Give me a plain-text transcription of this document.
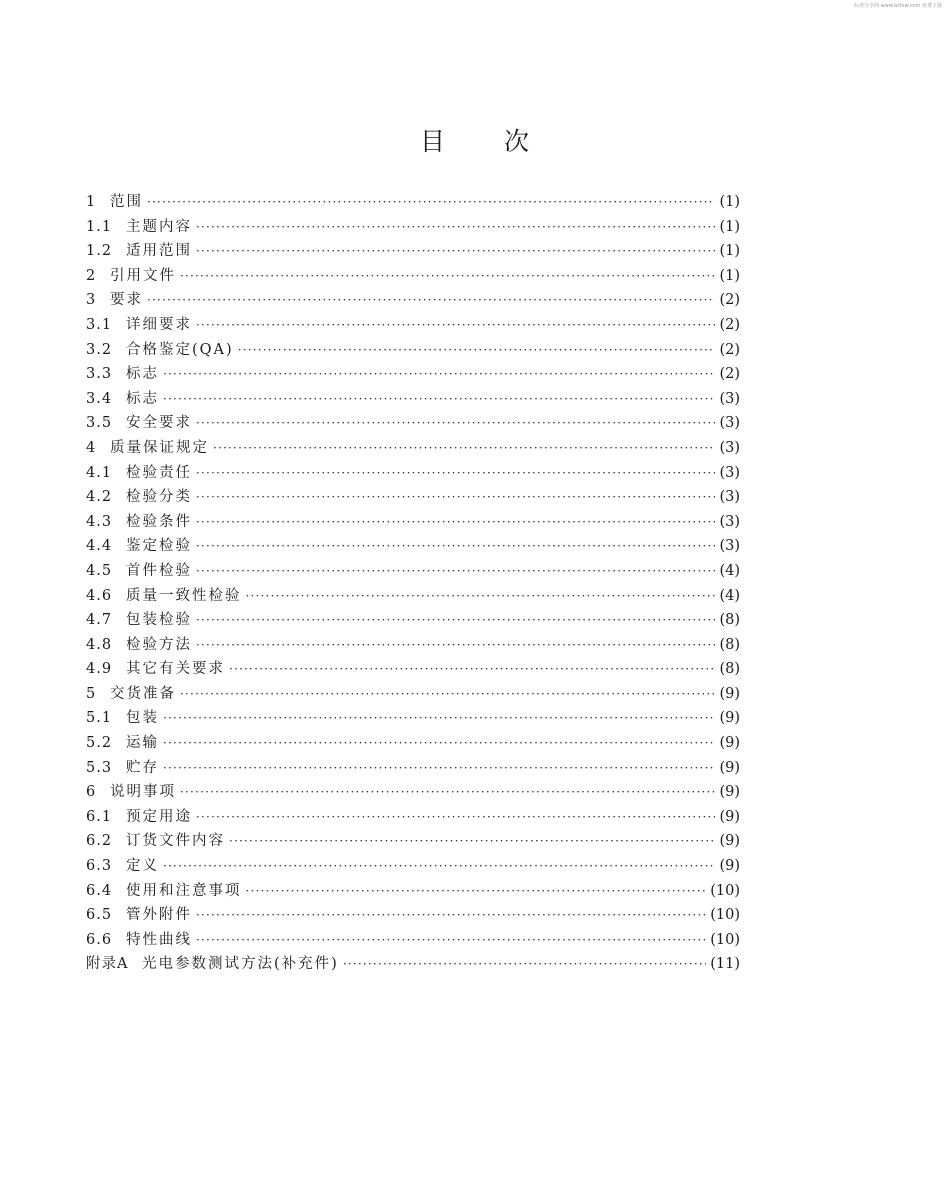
标准分享网 www.bzfxw.com 免费下载
目 次
1 范围 ·····	(1)
1.1 主题内容 ·····	(1)
1.2 适用范围 ·····	(1)
2 引用文件 ·····	(1)
3 要求 ·····	(2)
3.1 详细要求 ·····	(2)
3.2 合格鉴定(QA) ·····	(2)
3.3 标志 ·····	(2)
3.4 标志 ·····	(3)
3.5 安全要求 ·····	(3)
4 质量保证规定 ·····	(3)
4.1 检验责任 ·····	(3)
4.2 检验分类 ·····	(3)
4.3 检验条件 ·····	(3)
4.4 鉴定检验 ·····	(3)
4.5 首件检验 ·····	(4)
4.6 质量一致性检验 ·····	(4)
4.7 包装检验 ·····	(8)
4.8 检验方法 ·····	(8)
4.9 其它有关要求 ·····	(8)
5 交货准备 ·····	(9)
5.1 包装 ·····	(9)
5.2 运输 ·····	(9)
5.3 贮存 ·····	(9)
6 说明事项 ·····	(9)
6.1 预定用途 ·····	(9)
6.2 订货文件内容 ·····	(9)
6.3 定义 ·····	(9)
6.4 使用和注意事项 ·····	(10)
6.5 管外附件 ·····	(10)
6.6 特性曲线 ·····	(10)
附录A 光电参数测试方法(补充件) ·····	(11)
